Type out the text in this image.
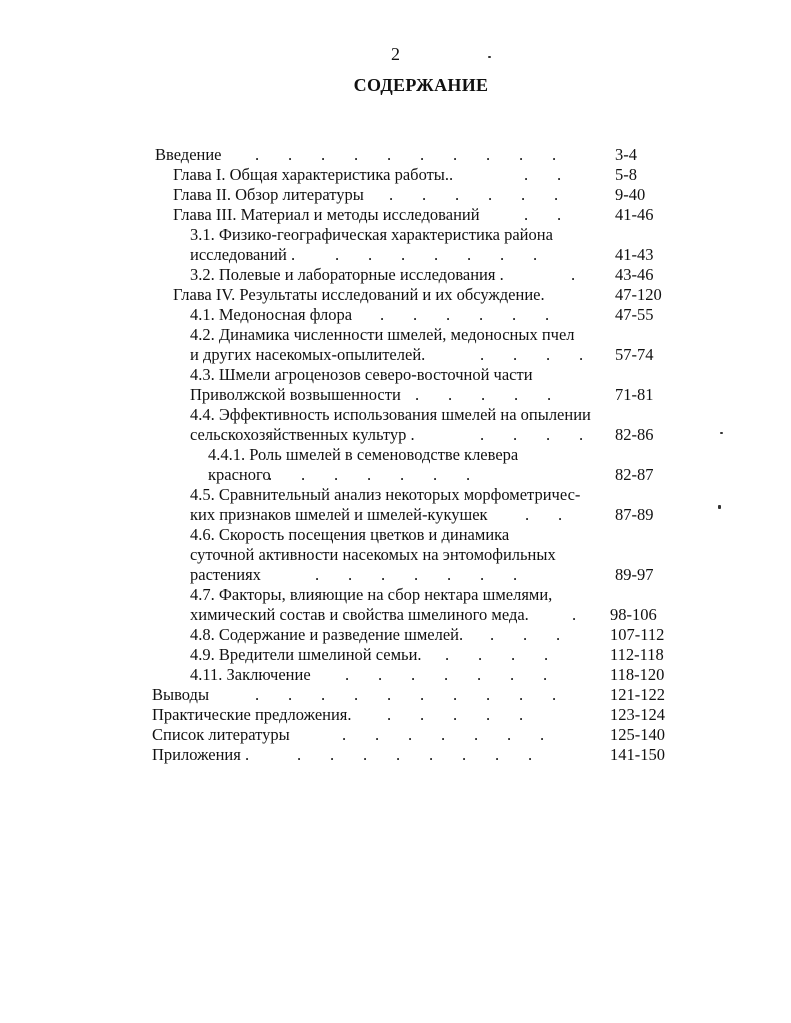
2
СОДЕРЖАНИЕ
Введение .       .       .       .       .       .       .       .       .       .	3-4
Глава I. Общая характеристика работы..	.       .	5-8
Глава II. Обзор литературы .       .       .       .       .       .	9-40
Глава III. Материал и методы исследований	.       .	41-46
3.1. Физико-географическая характеристика района
исследований . .       .       .       .       .       .       .	41-43
3.2. Полевые и лабораторные исследования .	. 43-46
Глава IV. Результаты исследований и их обсуждение.	47-120
4.1. Медоносная флора .       .       .       .       .       .	47-55
4.2. Динамика численности шмелей, медоносных пчел
и других насекомых-опылителей.	.       .       .       . 57-74
4.3. Шмели агроценозов северо-восточной части
Приволжской возвышенности .       .       .       .       .	71-81
4.4. Эффективность использования шмелей на опылении
сельскохозяйственных культур .	.       .       .       . 82-86
4.4.1. Роль шмелей в семеноводстве клевера
красного
.       .       .       .       .       .       .	82-87
4.5. Сравнительный анализ некоторых морфометричес-
ких признаков шмелей и шмелей-кукушек .       .	87-89
4.6. Скорость посещения цветков и динамика
суточной активности насекомых на энтомофильных
растениях	.       .       .       .       .       .       .	89-97
4.7. Факторы, влияющие на сбор нектара шмелями,
химический состав и свойства шмелиного меда.	. 98-106
4.8. Содержание и разведение шмелей. .       .       .	107-112
4.9. Вредители шмелиной семьи. .       .       .       .	112-118
4.11. Заключение .       .       .       .       .       .       .	118-120
Выводы	.       .       .       .       .       .       .       .       .       .	121-122
Практические предложения. .       .       .       .       .	123-124
Список литературы	.       .       .       .       .       .       .	125-140
Приложения .	.       .       .       .       .       .       .       .	141-150
